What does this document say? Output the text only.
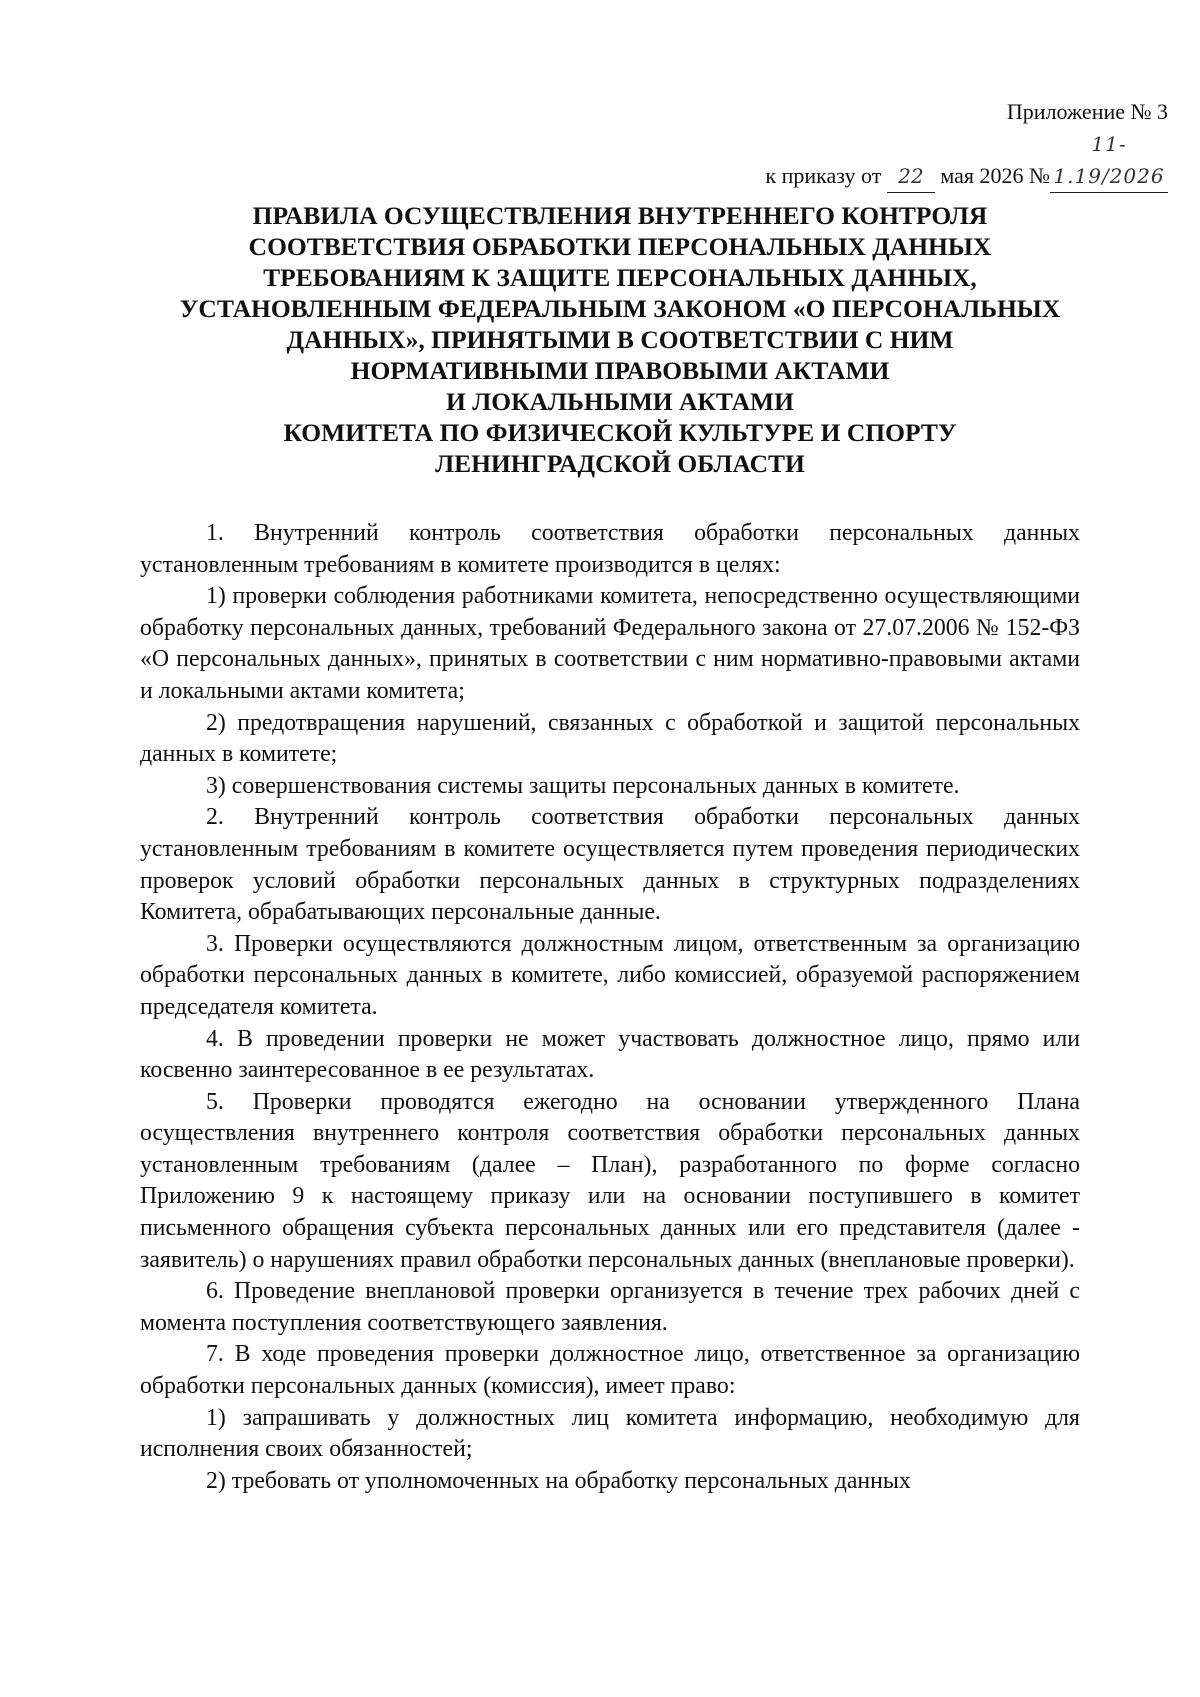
Приложение № 3
к приказу от 22 мая 2026 №11-1.19/2026
ПРАВИЛА ОСУЩЕСТВЛЕНИЯ ВНУТРЕННЕГО КОНТРОЛЯ
СООТВЕТСТВИЯ ОБРАБОТКИ ПЕРСОНАЛЬНЫХ ДАННЫХ
ТРЕБОВАНИЯМ К ЗАЩИТЕ ПЕРСОНАЛЬНЫХ ДАННЫХ,
УСТАНОВЛЕННЫМ ФЕДЕРАЛЬНЫМ ЗАКОНОМ «О ПЕРСОНАЛЬНЫХ
ДАННЫХ», ПРИНЯТЫМИ В СООТВЕТСТВИИ С НИМ
НОРМАТИВНЫМИ ПРАВОВЫМИ АКТАМИ
И ЛОКАЛЬНЫМИ АКТАМИ
КОМИТЕТА ПО ФИЗИЧЕСКОЙ КУЛЬТУРЕ И СПОРТУ
ЛЕНИНГРАДСКОЙ ОБЛАСТИ

1. Внутренний контроль соответствия обработки персональных данных установленным требованиям в комитете производится в целях:

1) проверки соблюдения работниками комитета, непосредственно осуществляющими обработку персональных данных, требований Федерального закона от 27.07.2006 № 152-ФЗ «О персональных данных», принятых в соответствии с ним нормативно-правовыми актами и локальными актами комитета;

2) предотвращения нарушений, связанных с обработкой и защитой персональных данных в комитете;

3) совершенствования системы защиты персональных данных в комитете.

2. Внутренний контроль соответствия обработки персональных данных установленным требованиям в комитете осуществляется путем проведения периодических проверок условий обработки персональных данных в структурных подразделениях Комитета, обрабатывающих персональные данные.

3. Проверки осуществляются должностным лицом, ответственным за организацию обработки персональных данных в комитете, либо комиссией, образуемой распоряжением председателя комитета.

4. В проведении проверки не может участвовать должностное лицо, прямо или косвенно заинтересованное в ее результатах.

5. Проверки проводятся ежегодно на основании утвержденного Плана осуществления внутреннего контроля соответствия обработки персональных данных установленным требованиям (далее – План), разработанного по форме согласно Приложению 9 к настоящему приказу или на основании поступившего в комитет письменного обращения субъекта персональных данных или его представителя (далее - заявитель) о нарушениях правил обработки персональных данных (внеплановые проверки).

6. Проведение внеплановой проверки организуется в течение трех рабочих дней с момента поступления соответствующего заявления.

7. В ходе проведения проверки должностное лицо, ответственное за организацию обработки персональных данных (комиссия), имеет право:

1) запрашивать у должностных лиц комитета информацию, необходимую для исполнения своих обязанностей;

2) требовать от уполномоченных на обработку персональных данных
